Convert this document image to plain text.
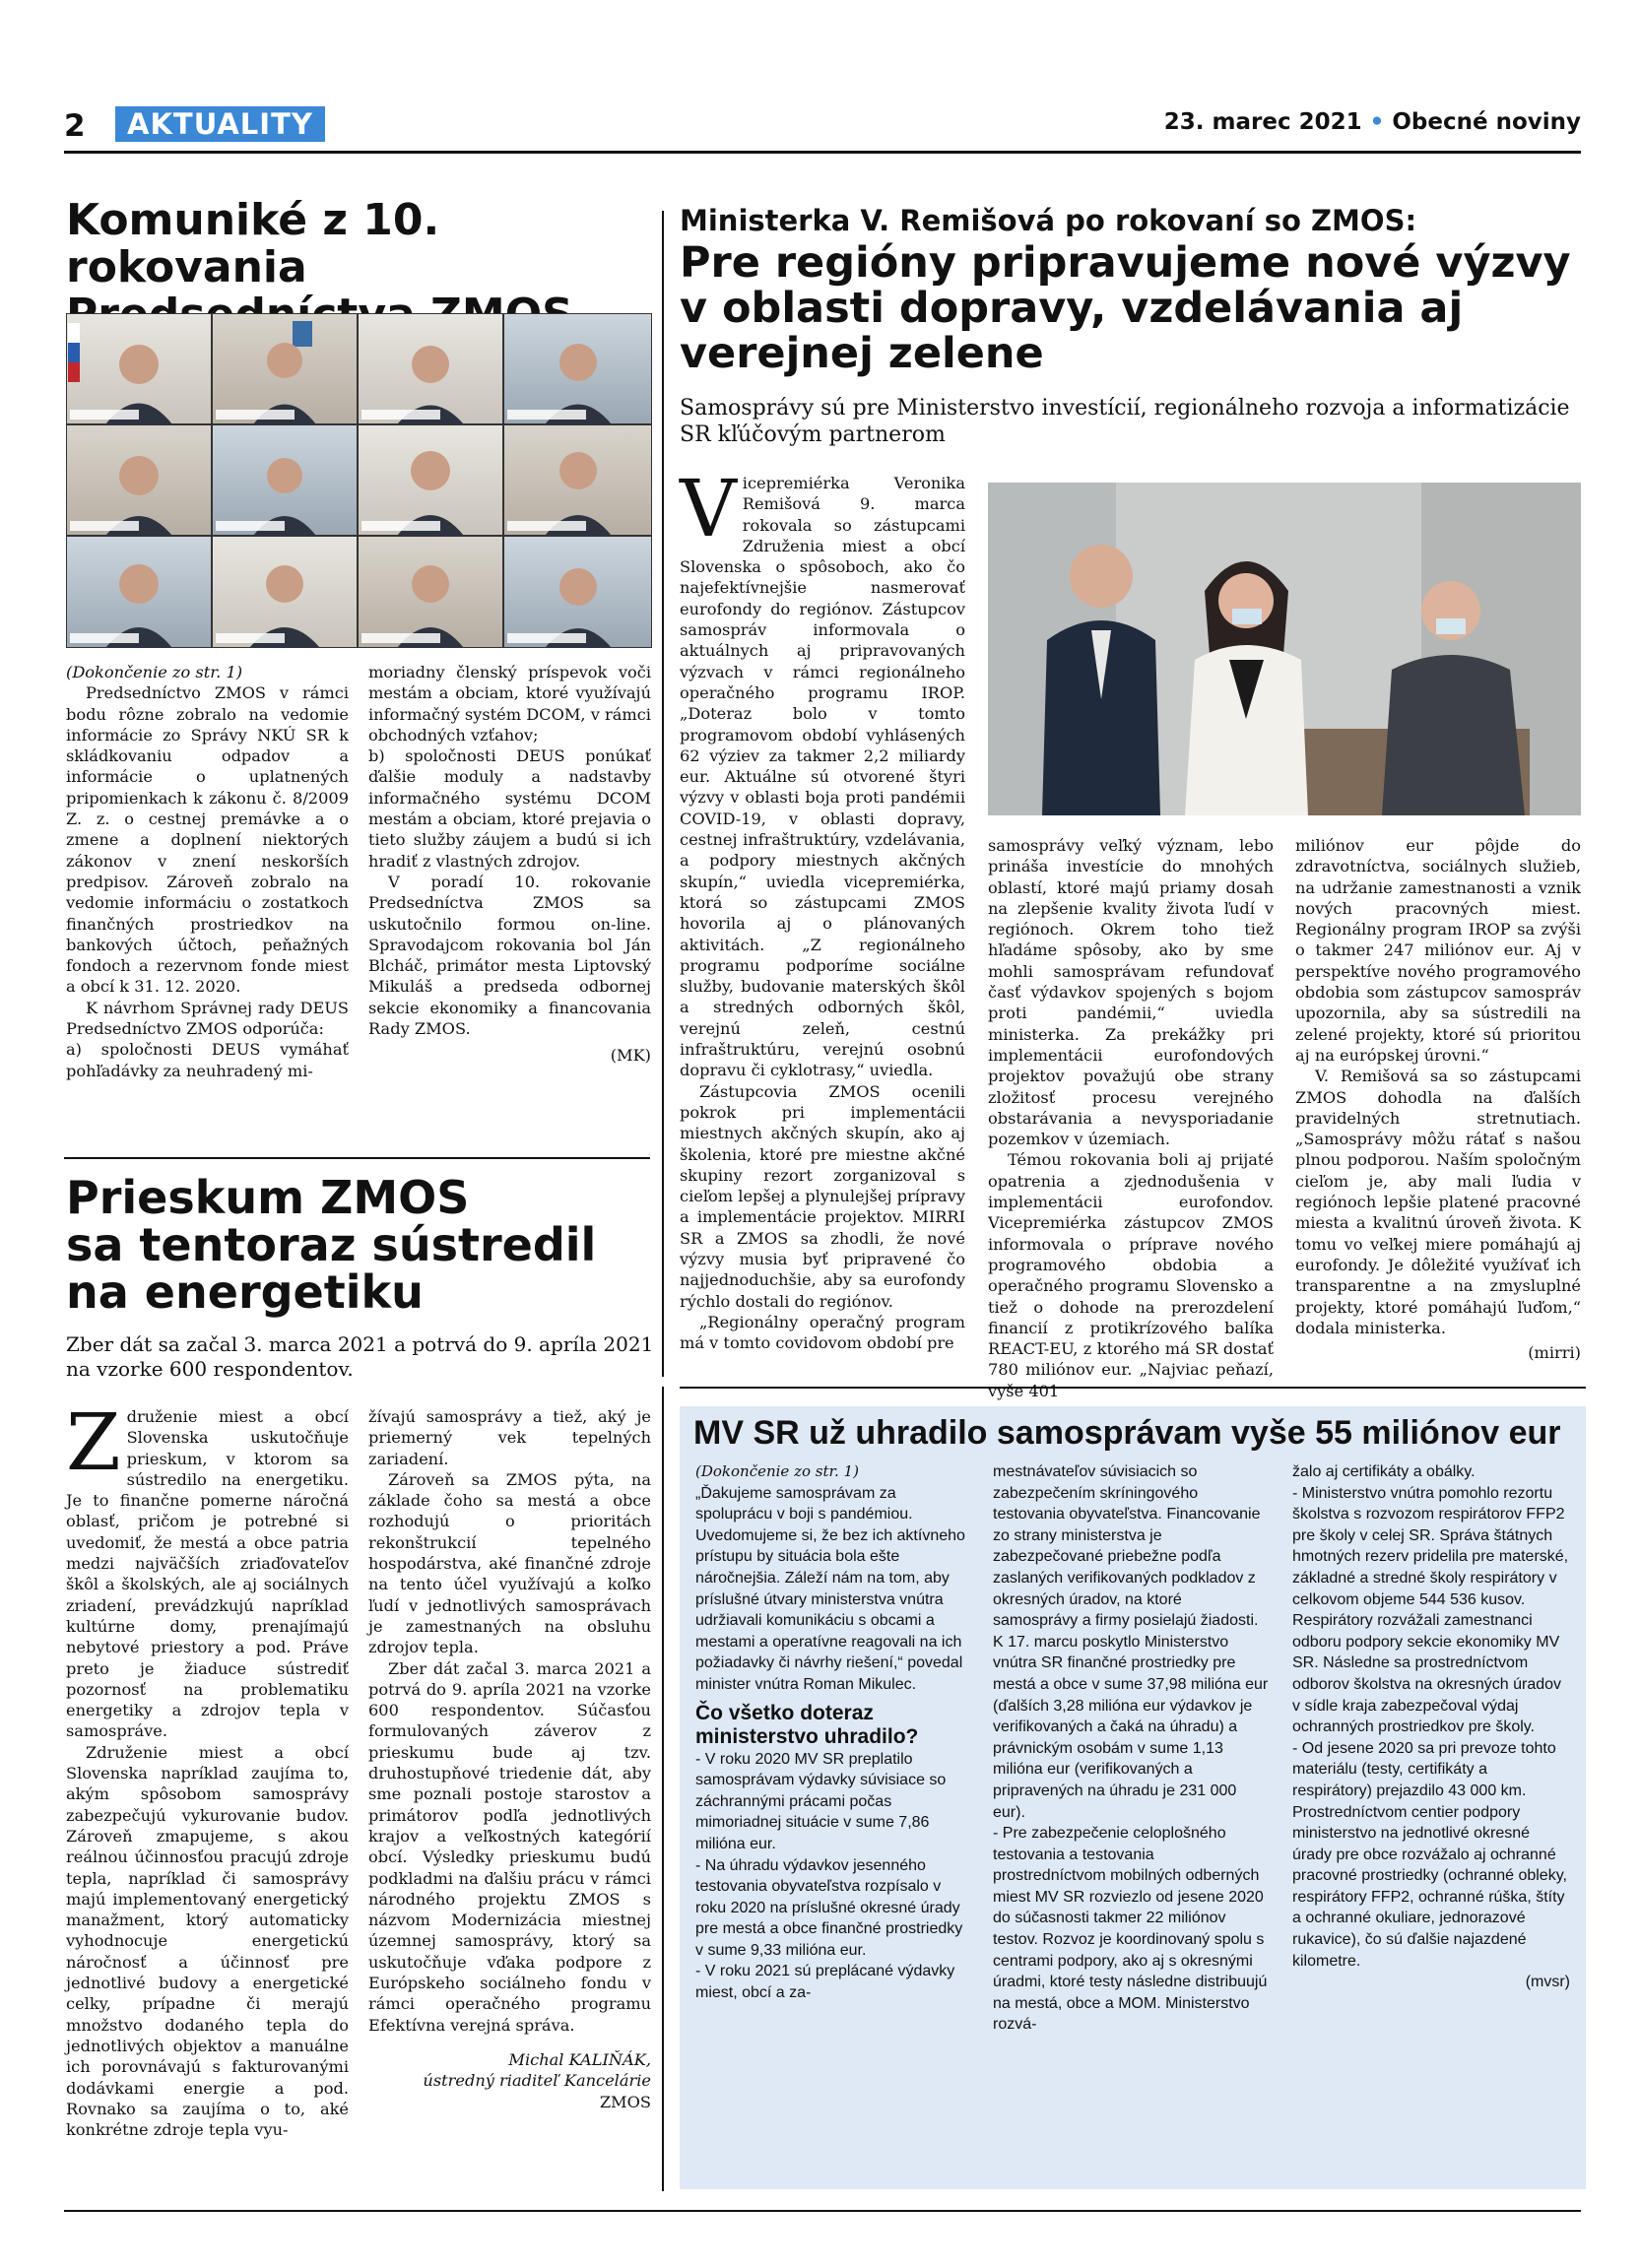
2	AKTUALITY	23. marec 2021 • Obecné noviny
Komuniké z 10. rokovania

(Dokončenie zo str. 1)

Predsedníctvo ZMOS v rámci bodu rôzne zobralo na vedomie informácie zo Správy NKÚ SR k skládkovaniu odpadov a informácie o uplatnených pripomienkach k zákonu č. 8/2009 Z. z. o cestnej premávke a o zmene a doplnení niektorých zákonov v znení neskorších predpisov. Zároveň zobralo na vedomie informáciu o zostatkoch finančných prostriedkov na bankových účtoch, peňažných fondoch a rezervnom fonde miest a obcí k 31. 12. 2020.

K návrhom Správnej rady DEUS Predsedníctvo ZMOS odporúča:

a) spoločnosti DEUS vymáhať pohľadávky za neuhradený mi-

moriadny členský príspevok voči mestám a obciam, ktoré využívajú informačný systém DCOM, v rámci obchodných vzťahov;

b) spoločnosti DEUS ponúkať ďalšie moduly a nadstavby informačného systému DCOM mestám a obciam, ktoré prejavia o tieto služby záujem a budú si ich hradiť z vlastných zdrojov.

V poradí 10. rokovanie Predsedníctva ZMOS sa uskutočnilo formou on-line. Spravodajcom rokovania bol Ján Blcháč, primátor mesta Liptovský Mikuláš a predseda odbornej sekcie ekonomiky a financovania Rady ZMOS.

(MK)

Ministerka V. Remišová po rokovaní so ZMOS:
Pre regióny pripravujeme nové výzvy
v oblasti dopravy, vzdelávania aj
verejnej zelene

Samosprávy sú pre Ministerstvo investícií, regionálneho rozvoja a informatizácie SR kľúčovým partnerom

V icepremiérka Veronika Remišová 9. marca rokovala so zástupcami Združenia miest a obcí Slovenska o spôsoboch, ako čo najefektívnejšie nasmerovať eurofondy do regiónov. Zástupcov samospráv informovala o aktuálnych aj pripravovaných výzvach v rámci regionálneho operačného programu IROP. „Doteraz bolo v tomto programovom období vyhlásených 62 výziev za takmer 2,2 miliardy eur. Aktuálne sú otvorené štyri výzvy v oblasti boja proti pandémii COVID-19, v oblasti dopravy, cestnej infraštruktúry, vzdelávania, a podpory miestnych akčných skupín,“ uviedla vicepremiérka, ktorá so zástupcami ZMOS hovorila aj o plánovaných aktivitách. „Z regionálneho programu podporíme sociálne služby, budovanie materských škôl a stredných odborných škôl, verejnú zeleň, cestnú infraštruktúru, verejnú osobnú dopravu či cyklotrasy,“ uviedla.

Zástupcovia ZMOS ocenili pokrok pri implementácii miestnych akčných skupín, ako aj školenia, ktoré pre miestne akčné skupiny rezort zorganizoval s cieľom lepšej a plynulejšej prípravy a implementácie projektov. MIRRI SR a ZMOS sa zhodli, že nové výzvy musia byť pripravené čo najjednoduchšie, aby sa eurofondy rýchlo dostali do regiónov.

„Regionálny operačný program má v tomto covidovom období pre

samosprávy veľký význam, lebo prináša investície do mnohých oblastí, ktoré majú priamy dosah na zlepšenie kvality života ľudí v regiónoch. Okrem toho tiež hľadáme spôsoby, ako by sme mohli samosprávam refundovať časť výdavkov spojených s bojom proti pandémii,“ uviedla ministerka. Za prekážky pri implementácii eurofondových projektov považujú obe strany zložitosť procesu verejného obstarávania a nevysporiadanie pozemkov v územiach.

Témou rokovania boli aj prijaté opatrenia a zjednodušenia v implementácii eurofondov. Vicepremiérka zástupcov ZMOS informovala o príprave nového programového obdobia a operačného programu Slovensko a tiež o dohode na prerozdelení financií z protikrízového balíka REACT-EU, z ktorého má SR dostať 780 miliónov eur. „Najviac peňazí, vyše 401

miliónov eur pôjde do zdravotníctva, sociálnych služieb, na udržanie zamestnanosti a vznik nových pracovných miest. Regionálny program IROP sa zvýši o takmer 247 miliónov eur. Aj v perspektíve nového programového obdobia som zástupcov samospráv upozornila, aby sa sústredili na zelené projekty, ktoré sú prioritou aj na európskej úrovni.“

V. Remišová sa so zástupcami ZMOS dohodla na ďalších pravidelných stretnutiach. „Samosprávy môžu rátať s našou plnou podporou. Naším spoločným cieľom je, aby mali ľudia v regiónoch lepšie platené pracovné miesta a kvalitnú úroveň života. K tomu vo veľkej miere pomáhajú aj eurofondy. Je dôležité využívať ich transparentne a na zmysluplné projekty, ktoré pomáhajú ľuďom,“ dodala ministerka.

(mirri)

Prieskum ZMOS
sa tentoraz sústredil
na energetiku

Zber dát sa začal 3. marca 2021 a potrvá do 9. apríla 2021 na vzorke 600 respondentov.

Z druženie miest a obcí Slovenska uskutočňuje prieskum, v ktorom sa sústredilo na energetiku. Je to finančne pomerne náročná oblasť, pričom je potrebné si uvedomiť, že mestá a obce patria medzi najväčších zriaďovateľov škôl a školských, ale aj sociálnych zriadení, prevádzkujú napríklad kultúrne domy, prenajímajú nebytové priestory a pod. Práve preto je žiaduce sústrediť pozornosť na problematiku energetiky a zdrojov tepla v samospráve.

Združenie miest a obcí Slovenska napríklad zaujíma to, akým spôsobom samosprávy zabezpečujú vykurovanie budov. Zároveň zmapujeme, s akou reálnou účinnosťou pracujú zdroje tepla, napríklad či samosprávy majú implementovaný energetický manažment, ktorý automaticky vyhodnocuje energetickú náročnosť a účinnosť pre jednotlivé budovy a energetické celky, prípadne či merajú množstvo dodaného tepla do jednotlivých objektov a manuálne ich porovnávajú s fakturovanými dodávkami energie a pod. Rovnako sa zaujíma o to, aké konkrétne zdroje tepla vyu-

žívajú samosprávy a tiež, aký je priemerný vek tepelných zariadení.

Zároveň sa ZMOS pýta, na základe čoho sa mestá a obce rozhodujú o prioritách rekonštrukcií tepelného hospodárstva, aké finančné zdroje na tento účel využívajú a koľko ľudí v jednotlivých samosprávach je zamestnaných na obsluhu zdrojov tepla.

Zber dát začal 3. marca 2021 a potrvá do 9. apríla 2021 na vzorke 600 respondentov. Súčasťou formulovaných záverov z prieskumu bude aj tzv. druhostupňové triedenie dát, aby sme poznali postoje starostov a primátorov podľa jednotlivých krajov a veľkostných kategórií obcí. Výsledky prieskumu budú podkladmi na ďalšiu prácu v rámci národného projektu ZMOS s názvom Modernizácia miestnej územnej samosprávy, ktorý sa uskutočňuje vďaka podpore z Európskeho sociálneho fondu v rámci operačného programu Efektívna verejná správa.

Michal KALIŇÁK,

ústredný riaditeľ Kancelárie

ZMOS

MV SR už uhradilo samosprávam vyše 55 miliónov eur

(Dokončenie zo str. 1)

„Ďakujeme samosprávam za spoluprácu v boji s pandémiou. Uvedomujeme si, že bez ich aktívneho prístupu by situácia bola ešte náročnejšia. Záleží nám na tom, aby príslušné útvary ministerstva vnútra udržiavali komunikáciu s obcami a mestami a operatívne reagovali na ich požiadavky či návrhy riešení,“ povedal minister vnútra Roman Mikulec.

Čo všetko doteraz ministerstvo uhradilo?

- V roku 2020 MV SR preplatilo samosprávam výdavky súvisiace so záchrannými prácami počas mimoriadnej situácie v sume 7,86 miliónа eur.

- Na úhradu výdavkov jesenného testovania obyvateľstva rozpísalo v roku 2020 na príslušné okresné úrady pre mestá a obce finančné prostriedky v sume 9,33 milióna eur.

- V roku 2021 sú preplácané výdavky miest, obcí a za-

mestnávateľov súvisiacich so zabezpečením skríningového testovania obyvateľstva. Financovanie zo strany ministerstva je zabezpečované priebežne podľa zaslaných verifikovaných podkladov z okresných úradov, na ktoré samosprávy a firmy posielajú žiadosti. K 17. marcu poskytlo Ministerstvo vnútra SR finančné prostriedky pre mestá a obce v sume 37,98 milióna eur (ďalších 3,28 milióna eur výdavkov je verifikovaných a čaká na úhradu) a právnickým osobám v sume 1,13 milióna eur (verifikovaných a pripravených na úhradu je 231 000 eur).

- Pre zabezpečenie celoplošného testovania a testovania prostredníctvom mobilných odberných miest MV SR rozviezlo od jesene 2020 do súčasnosti takmer 22 miliónov testov. Rozvoz je koordinovaný spolu s centrami podpory, ako aj s okresnými úradmi, ktoré testy následne distribuujú na mestá, obce a MOM. Ministerstvo rozvá-

žalo aj certifikáty a obálky.

- Ministerstvo vnútra pomohlo rezortu školstva s rozvozom respirátorov FFP2 pre školy v celej SR. Správa štátnych hmotných rezerv pridelila pre materské, základné a stredné školy respirátory v celkovom objeme 544 536 kusov. Respirátory rozvážali zamestnanci odboru podpory sekcie ekonomiky MV SR. Následne sa prostredníctvom odborov školstva na okresných úradov v sídle kraja zabezpečoval výdaj ochranných prostriedkov pre školy.

- Od jesene 2020 sa pri prevoze tohto materiálu (testy, certifikáty a respirátory) prejazdilo 43 000 km. Prostredníctvom centier podpory ministerstvo na jednotlivé okresné úrady pre obce rozvážalo aj ochranné pracovné prostriedky (ochranné obleky, respirátory FFP2, ochranné rúška, štíty a ochranné okuliare, jednorazové rukavice), čo sú ďalšie najazdené kilometre.

(mvsr)
